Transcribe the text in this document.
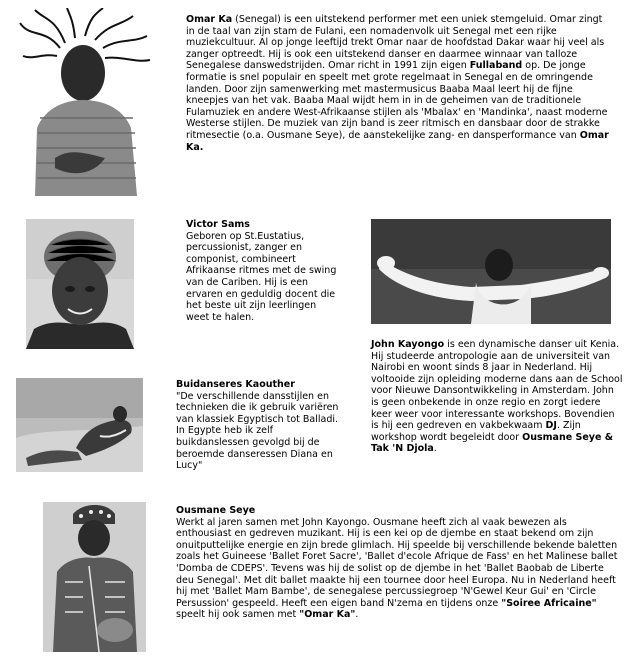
Omar Ka (Senegal) is een uitstekend performer met een uniek stemgeluid. Omar zingt in de taal van zijn stam de Fulani, een nomadenvolk uit Senegal met een rijke muziekcultuur. Al op jonge leeftijd trekt Omar naar de hoofdstad Dakar waar hij veel als zanger optreedt. Hij is ook een uitstekend danser en daarmee winnaar van talloze Senegalese danswedstrijden. Omar richt in 1991 zijn eigen Fullaband op. De jonge formatie is snel populair en speelt met grote regelmaat in Senegal en de omringende landen. Door zijn samenwerking met mastermusicus Baaba Maal leert hij de fijne kneepjes van het vak. Baaba Maal wijdt hem in in de geheimen van de traditionele Fulamuziek en andere West-Afrikaanse stijlen als 'Mbalax' en 'Mandinka', naast moderne Westerse stijlen. De muziek van zijn band is zeer ritmisch en dansbaar door de strakke ritmesectie (o.a. Ousmane Seye), de aanstekelijke zang- en dansperformance van Omar Ka.

Victor Sams

Geboren op St.Eustatius, percussionist, zanger en componist, combineert Afrikaanse ritmes met de swing van de Cariben. Hij is een ervaren en geduldig docent die het beste uit zijn leerlingen weet te halen.

John Kayongo is een dynamische danser uit Kenia. Hij studeerde antropologie aan de universiteit van Nairobi en woont sinds 8 jaar in Nederland. Hij voltooide zijn opleiding moderne dans aan de School voor Nieuwe Dansontwikkeling in Amsterdam. John is geen onbekende in onze regio en zorgt iedere keer weer voor interessante workshops. Bovendien is hij een gedreven en vakbekwaam DJ. Zijn workshop wordt begeleidt door Ousmane Seye & Tak 'N Djola.

Buidanseres Kaouther

"De verschillende dansstijlen en technieken die ik gebruik variëren van klassiek Egyptisch tot Balladi. In Egypte heb ik zelf buikdanslessen gevolgd bij de beroemde danseressen Diana en Lucy"

Ousmane Seye

Werkt al jaren samen met John Kayongo. Ousmane heeft zich al vaak bewezen als enthousiast en gedreven muzikant. Hij is een kei op de djembe en staat bekend om zijn onuitputtelijke energie en zijn brede glimlach. Hij speelde bij verschillende bekende baletten zoals het Guineese 'Ballet Foret Sacre', 'Ballet d'ecole Afrique de Fass' en het Malinese ballet 'Domba de CDEPS'. Tevens was hij de solist op de djembe in het 'Ballet Baobab de Liberte deu Senegal'. Met dit ballet maakte hij een tournee door heel Europa. Nu in Nederland heeft hij met 'Ballet Mam Bambe', de senegalese percussiegroep 'N'Gewel Keur Gui' en 'Circle Persussion' gespeeld. Heeft een eigen band N'zema en tijdens onze "Soiree Africaine" speelt hij ook samen met "Omar Ka".
